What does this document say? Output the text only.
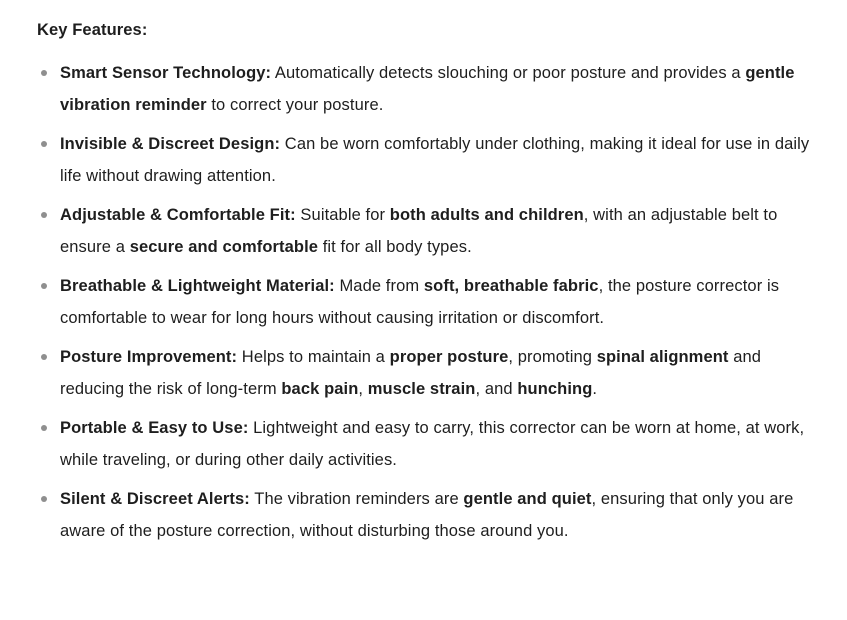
Key Features:
Smart Sensor Technology: Automatically detects slouching or poor posture and provides a gentle vibration reminder to correct your posture.
Invisible & Discreet Design: Can be worn comfortably under clothing, making it ideal for use in daily life without drawing attention.
Adjustable & Comfortable Fit: Suitable for both adults and children, with an adjustable belt to ensure a secure and comfortable fit for all body types.
Breathable & Lightweight Material: Made from soft, breathable fabric, the posture corrector is comfortable to wear for long hours without causing irritation or discomfort.
Posture Improvement: Helps to maintain a proper posture, promoting spinal alignment and reducing the risk of long-term back pain, muscle strain, and hunching.
Portable & Easy to Use: Lightweight and easy to carry, this corrector can be worn at home, at work, while traveling, or during other daily activities.
Silent & Discreet Alerts: The vibration reminders are gentle and quiet, ensuring that only you are aware of the posture correction, without disturbing those around you.
